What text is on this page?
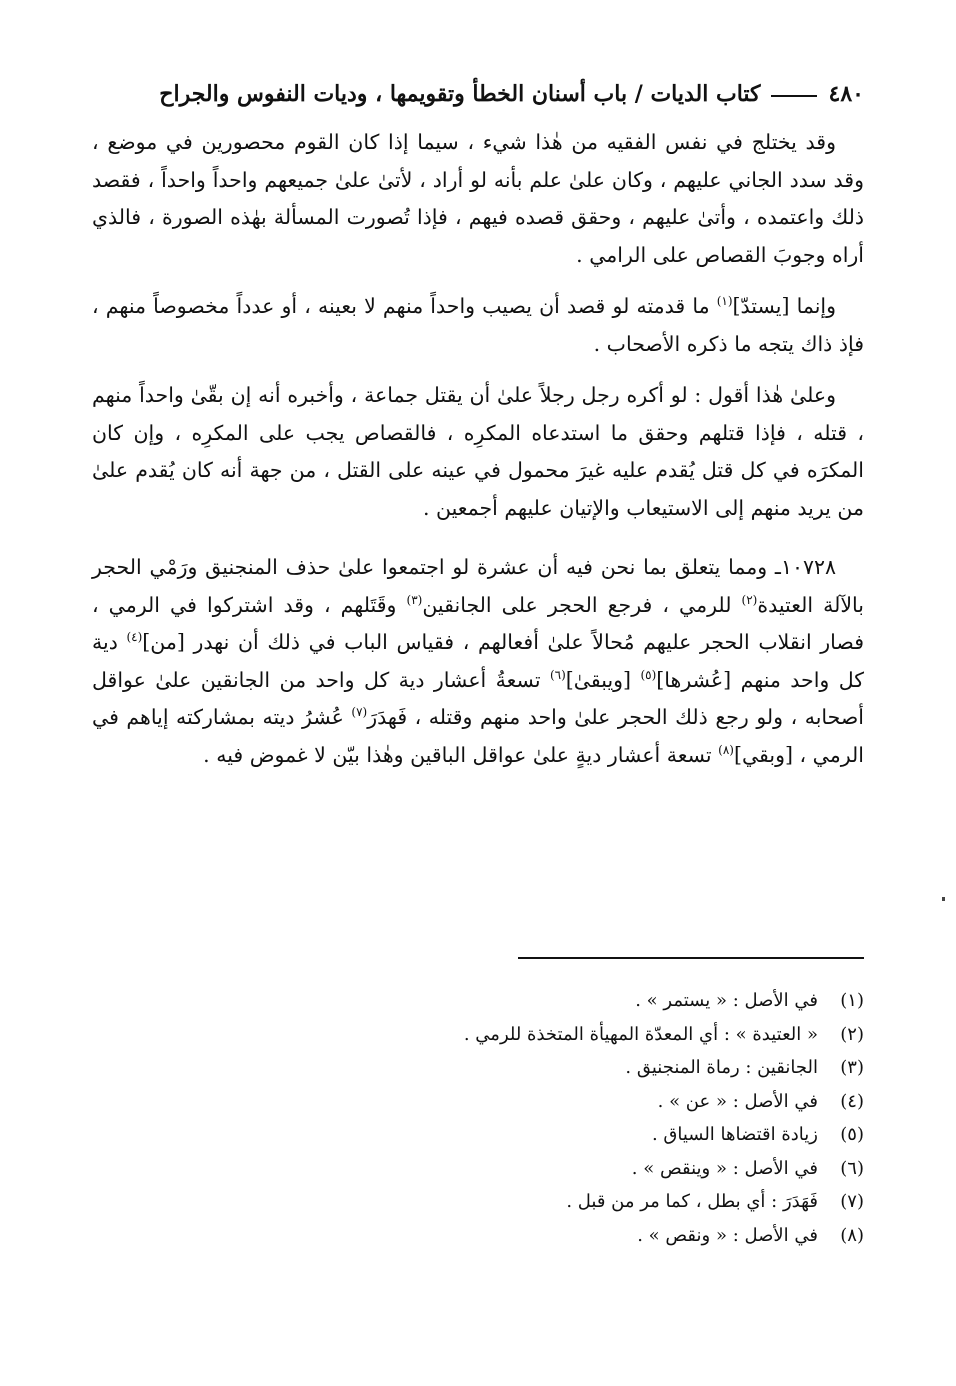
٤٨٠
كتاب الديات / باب أسنان الخطأ وتقويمها ، وديات النفوس والجراح

وقد يختلج في نفس الفقيه من هٰذا شيء ، سيما إذا كان القوم محصورين في موضع ، وقد سدد الجاني عليهم ، وكان علىٰ علم بأنه لو أراد ، لأتىٰ علىٰ جميعهم واحداً واحداً ، فقصد ذلك واعتمده ، وأتىٰ عليهم ، وحقق قصده فيهم ، فإذا تُصورت المسألة بهٰذه الصورة ، فالذي أراه وجوبَ القصاص على الرامي .

وإنما [يستدّ]$^{(١)}$ ما قدمته لو قصد أن يصيب واحداً منهم لا بعينه ، أو عدداً مخصوصاً منهم ، فإذ ذاك يتجه ما ذكره الأصحاب .

وعلىٰ هٰذا أقول : لو أكره رجل رجلاً علىٰ أن يقتل جماعة ، وأخبره أنه إن بقّىٰ واحداً منهم ، قتله ، فإذا قتلهم وحقق ما استدعاه المكرِه ، فالقصاص يجب على المكرِه ، وإن كان المكرَه في كل قتل يُقدم عليه غيرَ محمول في عينه على القتل ، من جهة أنه كان يُقدم علىٰ من يريد منهم إلى الاستيعاب والإتيان عليهم أجمعين .

١٠٧٢٨ـ ومما يتعلق بما نحن فيه أن عشرة لو اجتمعوا علىٰ حذف المنجنيق ورَمْي الحجر بالآلة العتيدة$^{(٢)}$ للرمي ، فرجع الحجر على الجانقين$^{(٣)}$ وقَتَلهم ، وقد اشتركوا في الرمي ، فصار انقلاب الحجر عليهم مُحالاً علىٰ أفعالهم ، فقياس الباب في ذلك أن نهدر [من]$^{(٤)}$ دية كل واحد منهم [عُشرها]$^{(٥)}$ [ويبقىٰ]$^{(٦)}$ تسعةُ أعشار دية كل واحد من الجانقين علىٰ عواقل أصحابه ، ولو رجع ذلك الحجر علىٰ واحد منهم وقتله ، فَهدَرَ$^{(٧)}$ عُشرُ ديته بمشاركته إياهم في الرمي ، [وبقي]$^{(٨)}$ تسعة أعشار ديةٍ علىٰ عواقل الباقين وهٰذا بيّن لا غموض فيه .

(١)
في الأصل : « يستمر » .
(٢)
« العتيدة » : أي المعدّة المهيأة المتخذة للرمي .
(٣)
الجانقين : رماة المنجنيق .
(٤)
في الأصل : « عن » .
(٥)
زيادة اقتضاها السياق .
(٦)
في الأصل : « وينقص » .
(٧)
فَهَدَرَ : أي بطل ، كما مر من قبل .
(٨)
في الأصل : « ونقص » .
